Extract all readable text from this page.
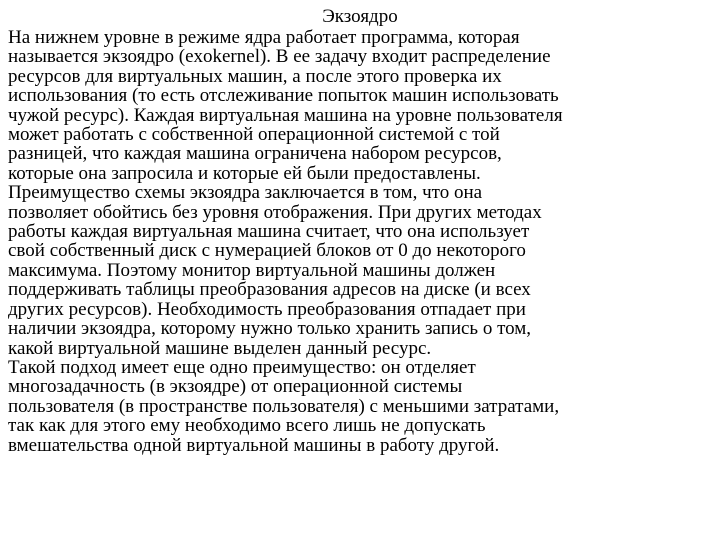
Экзоядро
На нижнем уровне в режиме ядра работает программа, которая
называется экзоядро (exokernel). В ее задачу входит распределение
ресурсов для виртуальных машин, а после этого проверка их
использования (то есть отслеживание попыток машин использовать
чужой ресурс). Каждая виртуальная машина на уровне пользователя
может работать с собственной операционной системой с той
разницей, что каждая машина ограничена набором ресурсов,
которые она запросила и которые ей были предоставлены.
Преимущество схемы экзоядра заключается в том, что она
позволяет обойтись без уровня отображения. При других методах
работы каждая виртуальная машина считает, что она использует
свой собственный диск с нумерацией блоков от 0 до некоторого
максимума. Поэтому монитор виртуальной машины должен
поддерживать таблицы преобразования адресов на диске (и всех
других ресурсов). Необходимость преобразования отпадает при
наличии экзоядра, которому нужно только хранить запись о том,
какой виртуальной машине выделен данный ресурс.
Такой подход имеет еще одно преимущество: он отделяет
многозадачность (в экзоядре) от операционной системы
пользователя (в пространстве пользователя) с меньшими затратами,
так как для этого ему необходимо всего лишь не допускать
вмешательства одной виртуальной машины в работу другой.
